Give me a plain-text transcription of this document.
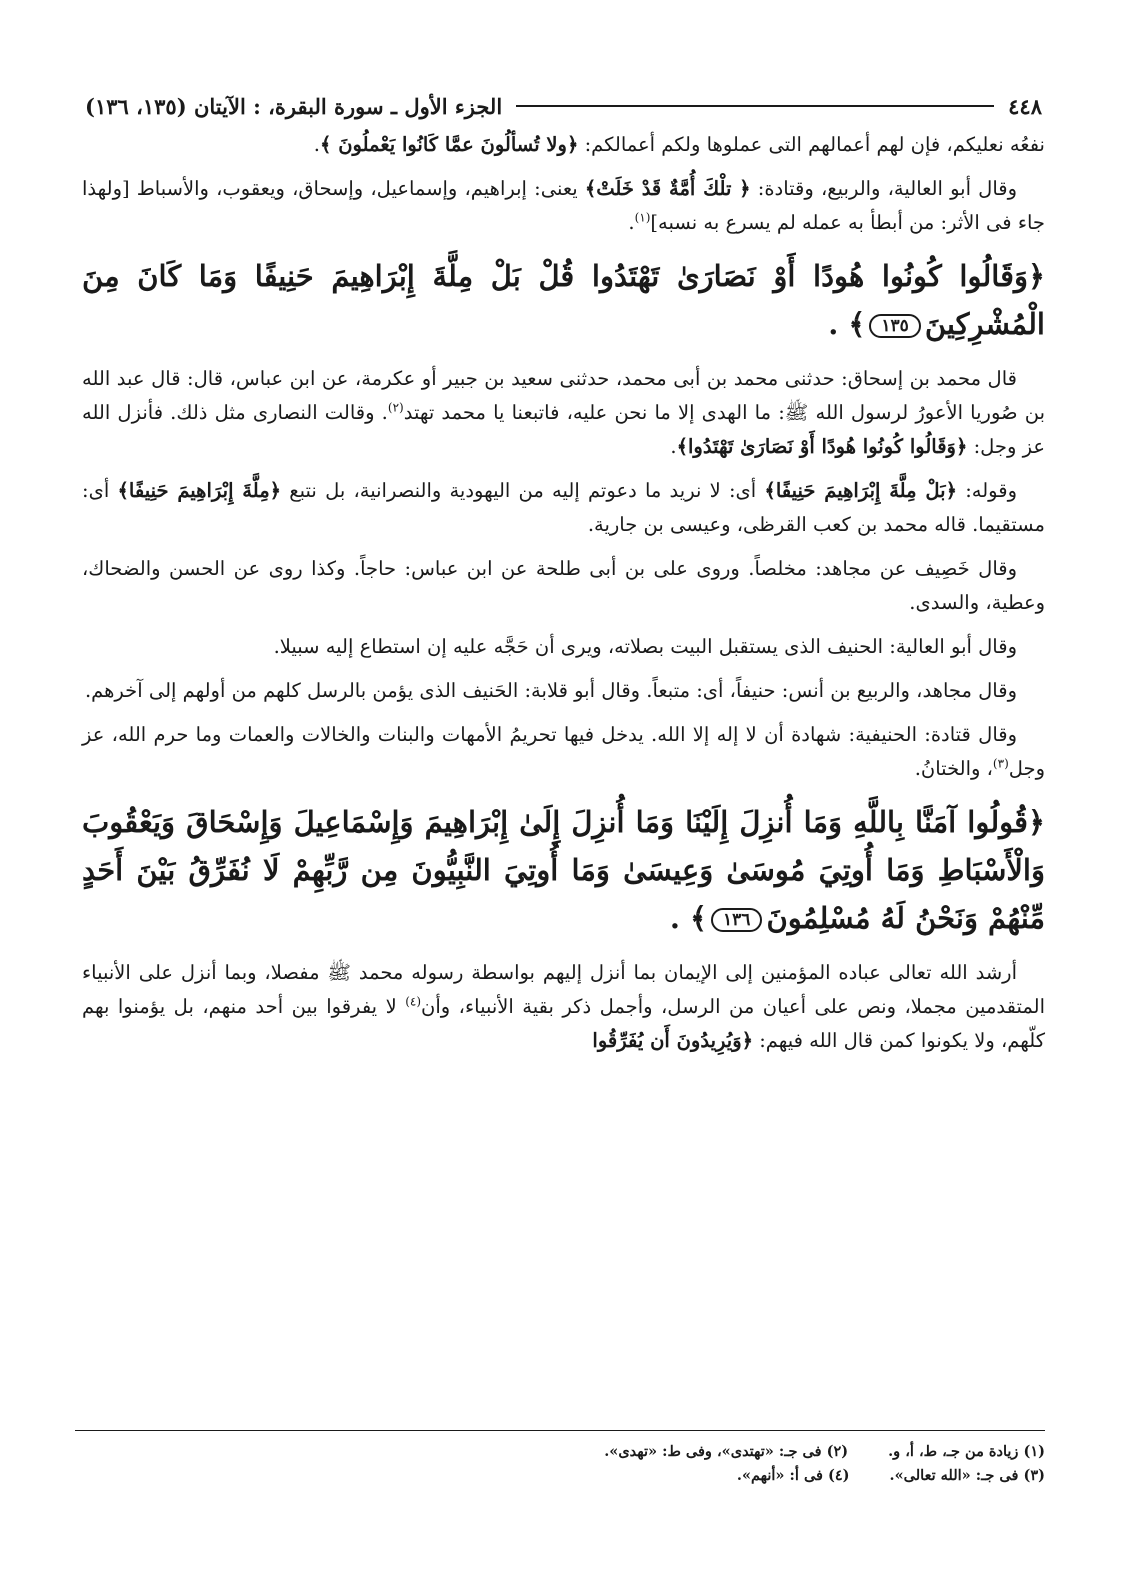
٤٤٨
الجزء الأول ـ سورة البقرة، : الآيتان (١٣٥، ١٣٦)

نفعُه نعليكم، فإن لهم أعمالهم التى عملوها ولكم أعمالكم: ﴿ولا تُسألُونَ عمَّا كَانُوا يَعْملُونَ ﴾.

وقال أبو العالية، والربيع، وقتادة: ﴿ تلْكَ أُمَّةٌ قَدْ خَلَتْ﴾ يعنى: إبراهيم، وإسماعيل، وإسحاق، ويعقوب، والأسباط [ولهذا جاء فى الأثر: من أبطأ به عمله لم يسرع به نسبه]$^{(١)}$.

﴿وَقَالُوا كُونُوا هُودًا أَوْ نَصَارَىٰ تَهْتَدُوا قُلْ بَلْ مِلَّةَ إِبْرَاهِيمَ حَنِيفًا وَمَا كَانَ مِنَ الْمُشْرِكِينَ١٣٥﴾ .

قال محمد بن إسحاق: حدثنى محمد بن أبى محمد، حدثنى سعيد بن جبير أو عكرمة، عن ابن عباس، قال: قال عبد الله بن صُوريا الأعورُ لرسول الله ﷺ: ما الهدى إلا ما نحن عليه، فاتبعنا يا محمد تهتد$^{(٢)}$. وقالت النصارى مثل ذلك. فأنزل الله عز وجل: ﴿وَقَالُوا كُونُوا هُودًا أَوْ نَصَارَىٰ تَهْتَدُوا﴾.

وقوله: ﴿بَلْ مِلَّةَ إِبْرَاهِيمَ حَنِيفًا﴾ أى: لا نريد ما دعوتم إليه من اليهودية والنصرانية، بل نتبع ﴿مِلَّةَ إِبْرَاهِيمَ حَنِيفًا﴾ أى: مستقيما. قاله محمد بن كعب القرظى، وعيسى بن جارية.

وقال خَصِيف عن مجاهد: مخلصاً. وروى على بن أبى طلحة عن ابن عباس: حاجاً. وكذا روى عن الحسن والضحاك، وعطية، والسدى.

وقال أبو العالية: الحنيف الذى يستقبل البيت بصلاته، ويرى أن حَجَّه عليه إن استطاع إليه سبيلا.

وقال مجاهد، والربيع بن أنس: حنيفاً، أى: متبعاً. وقال أبو قلابة: الحَنيف الذى يؤمن بالرسل كلهم من أولهم إلى آخرهم.

وقال قتادة: الحنيفية: شهادة أن لا إله إلا الله. يدخل فيها تحريمُ الأمهات والبنات والخالات والعمات وما حرم الله، عز وجل$^{(٣)}$، والختانُ.

﴿قُولُوا آمَنَّا بِاللَّهِ وَمَا أُنزِلَ إِلَيْنَا وَمَا أُنزِلَ إِلَىٰ إِبْرَاهِيمَ وَإِسْمَاعِيلَ وَإِسْحَاقَ وَيَعْقُوبَ وَالْأَسْبَاطِ وَمَا أُوتِيَ مُوسَىٰ وَعِيسَىٰ وَمَا أُوتِيَ النَّبِيُّونَ مِن رَّبِّهِمْ لَا نُفَرِّقُ بَيْنَ أَحَدٍ مِّنْهُمْ وَنَحْنُ لَهُ مُسْلِمُونَ١٣٦﴾ .

أرشد الله تعالى عباده المؤمنين إلى الإيمان بما أنزل إليهم بواسطة رسوله محمد ﷺ مفصلا، وبما أنزل على الأنبياء المتقدمين مجملا، ونص على أعيان من الرسل، وأجمل ذكر بقية الأنبياء، وأن$^{(٤)}$ لا يفرقوا بين أحد منهم، بل يؤمنوا بهم كلّهم، ولا يكونوا كمن قال الله فيهم: ﴿وَيُرِيدُونَ أَن يُفَرِّقُوا

(١) زيادة من جـ، ط، أ، و.(٢) فى جـ: «تهتدى»، وفى ط: «تهدى».
(٣) فى جـ: «الله تعالى».(٤) فى أ: «أنهم».
